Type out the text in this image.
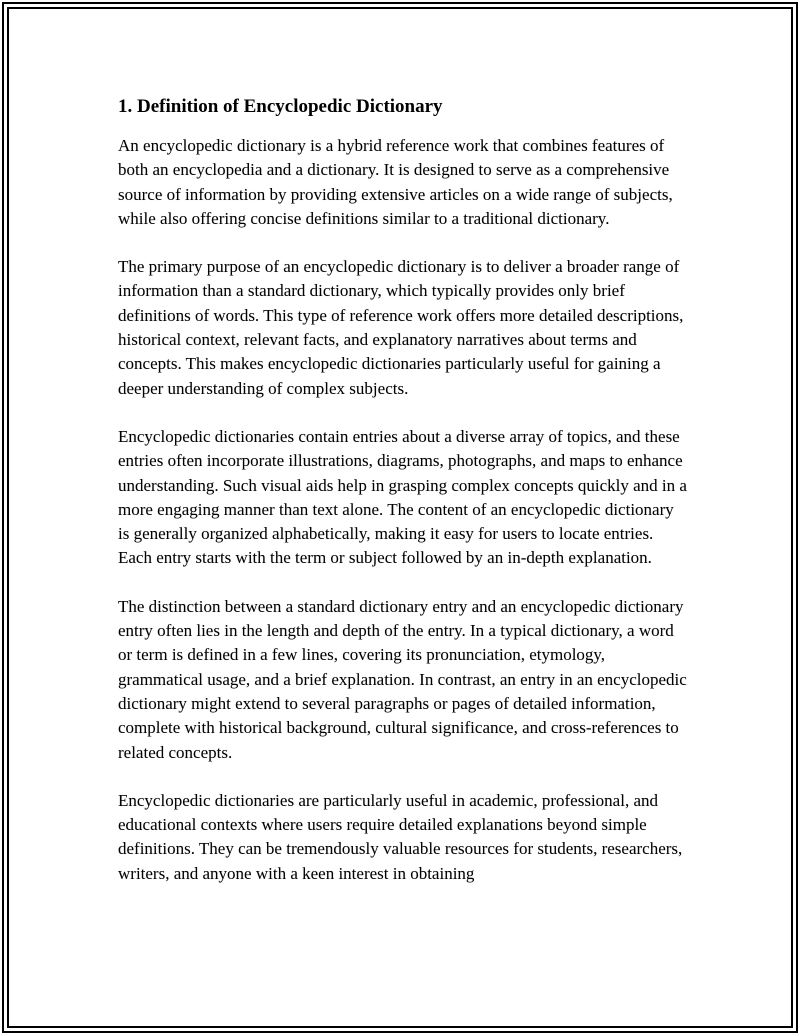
1. Definition of Encyclopedic Dictionary

An encyclopedic dictionary is a hybrid reference work that combines features of both an encyclopedia and a dictionary. It is designed to serve as a comprehensive source of information by providing extensive articles on a wide range of subjects, while also offering concise definitions similar to a traditional dictionary.

The primary purpose of an encyclopedic dictionary is to deliver a broader range of information than a standard dictionary, which typically provides only brief definitions of words. This type of reference work offers more detailed descriptions, historical context, relevant facts, and explanatory narratives about terms and concepts. This makes encyclopedic dictionaries particularly useful for gaining a deeper understanding of complex subjects.

Encyclopedic dictionaries contain entries about a diverse array of topics, and these entries often incorporate illustrations, diagrams, photographs, and maps to enhance understanding. Such visual aids help in grasping complex concepts quickly and in a more engaging manner than text alone. The content of an encyclopedic dictionary is generally organized alphabetically, making it easy for users to locate entries. Each entry starts with the term or subject followed by an in-depth explanation.

The distinction between a standard dictionary entry and an encyclopedic dictionary entry often lies in the length and depth of the entry. In a typical dictionary, a word or term is defined in a few lines, covering its pronunciation, etymology, grammatical usage, and a brief explanation. In contrast, an entry in an encyclopedic dictionary might extend to several paragraphs or pages of detailed information, complete with historical background, cultural significance, and cross-references to related concepts.

Encyclopedic dictionaries are particularly useful in academic, professional, and educational contexts where users require detailed explanations beyond simple definitions. They can be tremendously valuable resources for students, researchers, writers, and anyone with a keen interest in obtaining
